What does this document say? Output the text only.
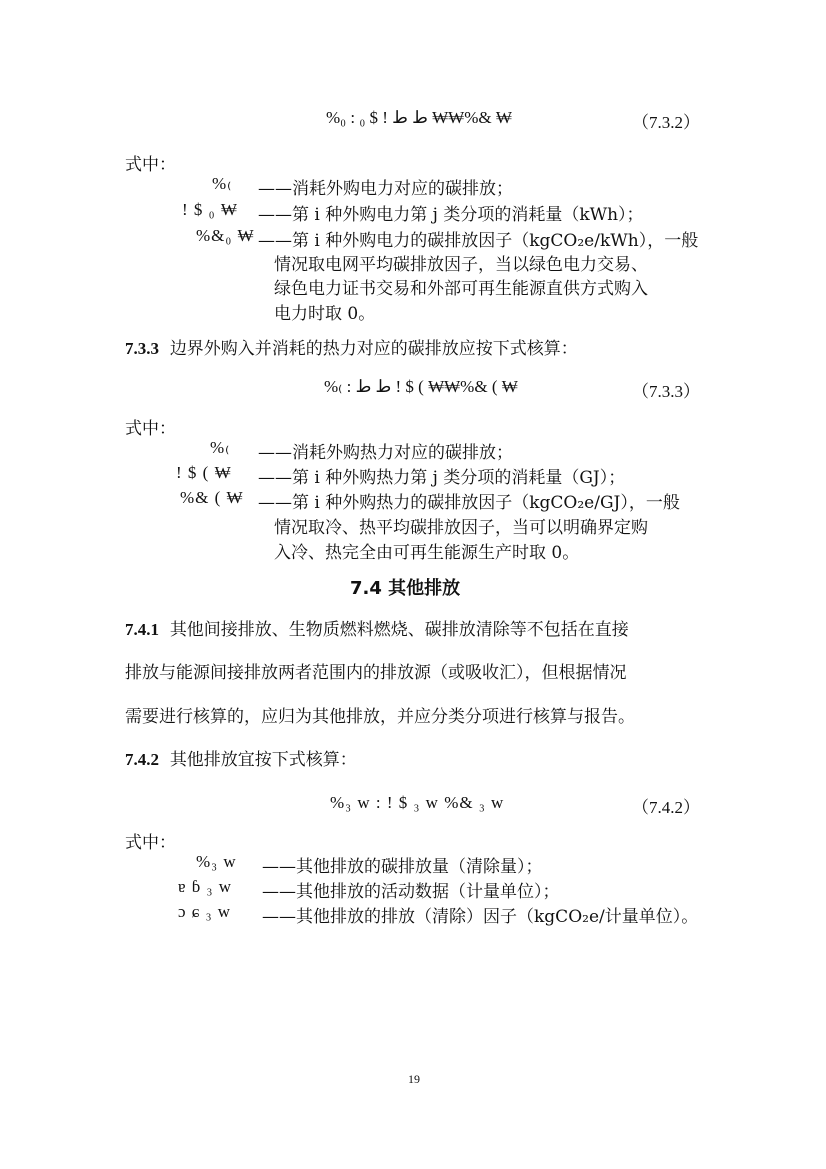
%₀ : ط ط ! $ ₀ ₩₩%& ₩	（7.3.2）
式中：
%₍ ——消耗外购电力对应的碳排放；
! $ ₀ ₩ ——第 i 种外购电力第 j 类分项的消耗量（kWh）；
%&₀ ₩ ——第 i 种外购电力的碳排放因子（kgCO₂e/kWh），一般
情况取电网平均碳排放因子，当以绿色电力交易、
绿色电力证书交易和外部可再生能源直供方式购入
电力时取 0。
7.3.3 边界外购入并消耗的热力对应的碳排放应按下式核算：
%₍ : ط ط ! $ ( ₩₩%& ( ₩	（7.3.3）
式中：
%₍ ——消耗外购热力对应的碳排放；
! $ ( ₩ ——第 i 种外购热力第 j 类分项的消耗量（GJ）；
%& ( ₩ ——第 i 种外购热力的碳排放因子（kgCO₂e/GJ），一般
情况取冷、热平均碳排放因子，当可以明确界定购
入冷、热完全由可再生能源生产时取 0。
7.4 其他排放
7.4.1 其他间接排放、生物质燃料燃烧、碳排放清除等不包括在直接
排放与能源间接排放两者范围内的排放源（或吸收汇），但根据情况
需要进行核算的，应归为其他排放，并应分类分项进行核算与报告。
7.4.2 其他排放宜按下式核算：
%₃ w : ! $ ₃ w %& ₃ w	（7.4.2）
式中：
%₃ w ——其他排放的碳排放量（清除量）；
ɐ ɓ ₃ w ——其他排放的活动数据（计量单位）；
ɔ ɕ ₃ w ——其他排放的排放（清除）因子（kgCO₂e/计量单位）。
19
